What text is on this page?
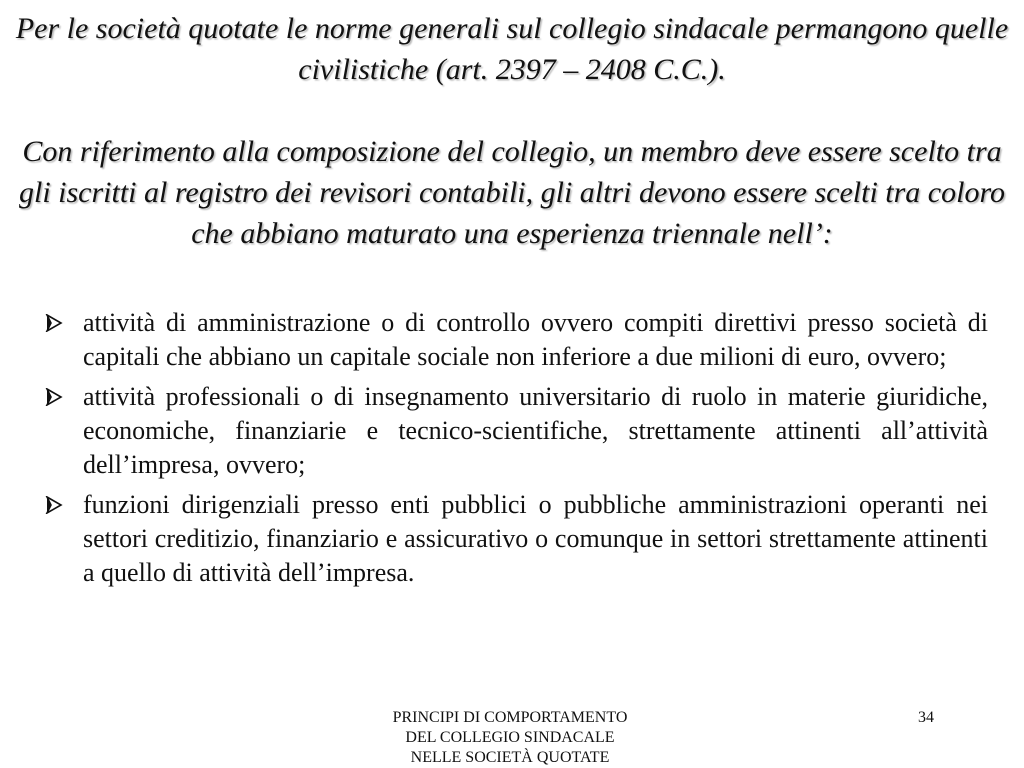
Per le società quotate le norme generali sul collegio sindacale permangono quelle civilistiche (art. 2397 – 2408 C.C.).

Con riferimento alla composizione del collegio, un membro deve essere scelto tra gli iscritti al registro dei revisori contabili, gli altri devono essere scelti tra coloro che abbiano maturato una esperienza triennale nell’:

attività di amministrazione o di controllo ovvero compiti direttivi presso società di capitali che abbiano un capitale sociale non inferiore a due milioni di euro, ovvero;
attività professionali o di insegnamento universitario di ruolo in materie giuridiche, economiche, finanziarie e tecnico-scientifiche, strettamente attinenti all’attività dell’impresa, ovvero;
funzioni dirigenziali presso enti pubblici o pubbliche amministrazioni operanti nei settori creditizio, finanziario e assicurativo o comunque in settori strettamente attinenti a quello di attività dell’impresa.
PRINCIPI DI COMPORTAMENTO
DEL COLLEGIO SINDACALE
NELLE SOCIETÀ QUOTATE
34
